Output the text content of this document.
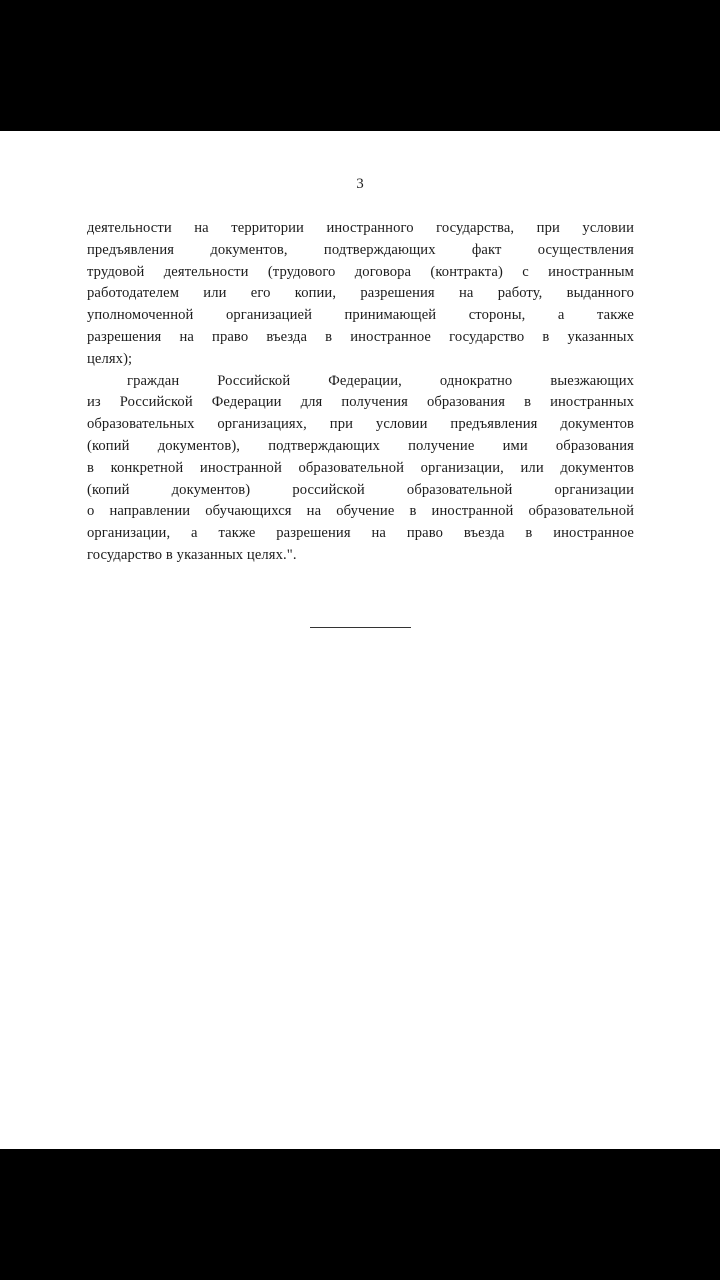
3
деятельности на территории иностранного государства, при условии
предъявления документов, подтверждающих факт осуществления
трудовой деятельности (трудового договора (контракта) с иностранным
работодателем или его копии, разрешения на работу, выданного
уполномоченной организацией принимающей стороны, а также
разрешения на право въезда в иностранное государство в указанных
целях);
граждан Российской Федерации, однократно выезжающих
из Российской Федерации для получения образования в иностранных
образовательных организациях, при условии предъявления документов
(копий документов), подтверждающих получение ими образования
в конкретной иностранной образовательной организации, или документов
(копий документов) российской образовательной организации
о направлении обучающихся на обучение в иностранной образовательной
организации, а также разрешения на право въезда в иностранное
государство в указанных целях.".
